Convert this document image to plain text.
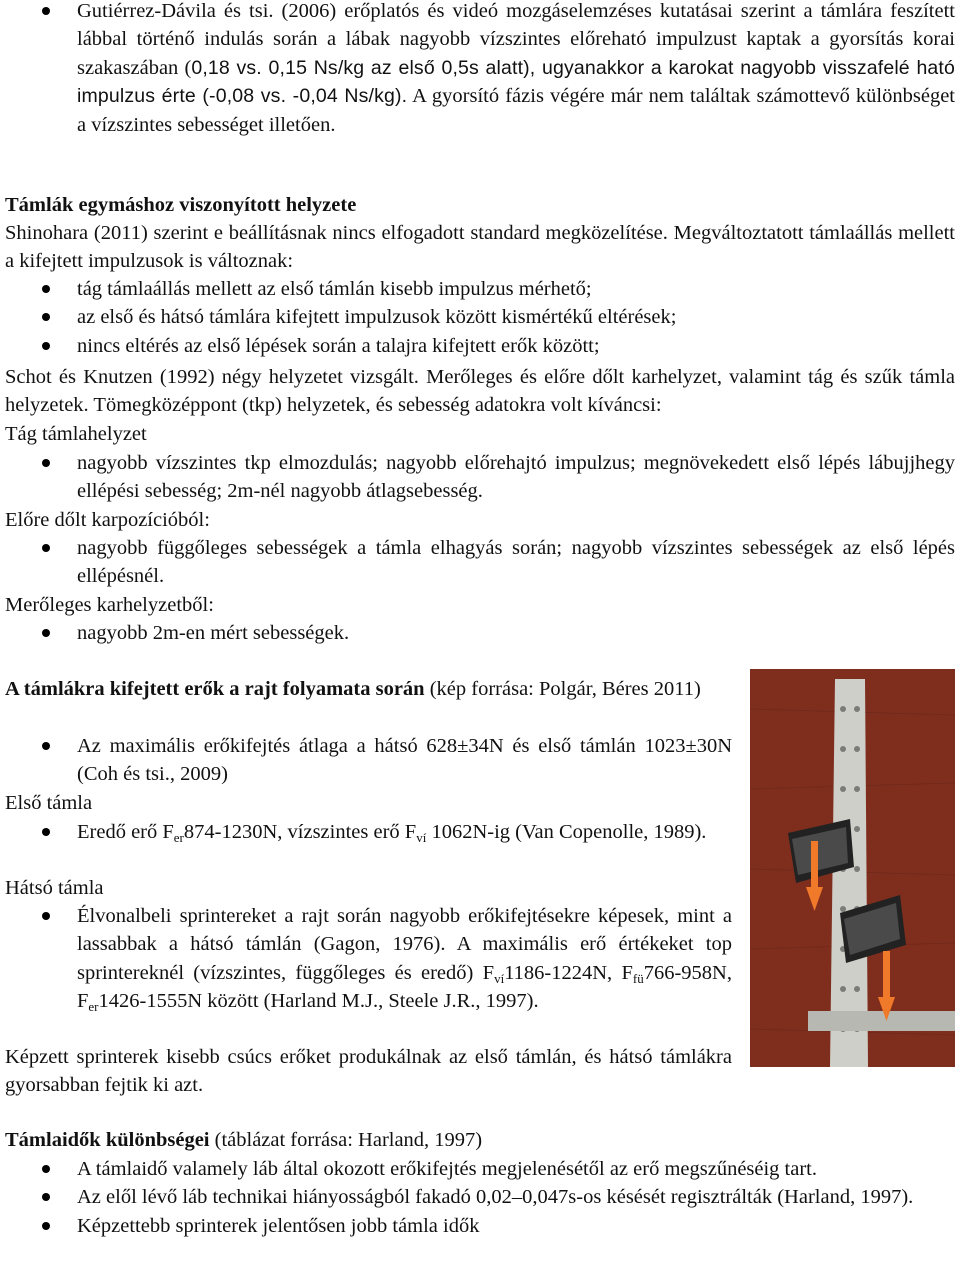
Gutiérrez-Dávila és tsi. (2006) erőplatós és videó mozgáselemzéses kutatásai szerint a támlára feszített lábbal történő indulás során a lábak nagyobb vízszintes előreható impulzust kaptak a gyorsítás korai szakaszában (0,18 vs. 0,15 Ns/kg az első 0,5s alatt), ugyanakkor a karokat nagyobb visszafelé ható impulzus érte (-0,08 vs. -0,04 Ns/kg). A gyorsító fázis végére már nem találtak számottevő különbséget a vízszintes sebességet illetően.

Támlák egymáshoz viszonyított helyzete

Shinohara (2011) szerint e beállításnak nincs elfogadott standard megközelítése. Megváltoztatott támlaállás mellett a kifejtett impulzusok is változnak:

tág támlaállás mellett az első támlán kisebb impulzus mérhető;
az első és hátsó támlára kifejtett impulzusok között kismértékű eltérések;
nincs eltérés az első lépések során a talajra kifejtett erők között;

Schot és Knutzen (1992) négy helyzetet vizsgált. Merőleges és előre dőlt karhelyzet, valamint tág és szűk támla helyzetek. Tömegközéppont (tkp) helyzetek, és sebesség adatokra volt kíváncsi:

Tág támlahelyzet

nagyobb vízszintes tkp elmozdulás; nagyobb előrehajtó impulzus; megnövekedett első lépés lábujjhegy ellépési sebesség; 2m-nél nagyobb átlagsebesség.

Előre dőlt karpozícióból:

nagyobb függőleges sebességek a támla elhagyás során; nagyobb vízszintes sebességek az első lépés ellépésnél.

Merőleges karhelyzetből:

nagyobb 2m-en mért sebességek.

A támlákra kifejtett erők a rajt folyamata során (kép forrása: Polgár, Béres 2011)

Az maximális erőkifejtés átlaga a hátsó 628±34N és első támlán 1023±30N (Coh és tsi., 2009)

Első támla

Eredő erő $F_{er}874-1230N$, vízszintes erő $F_{ví}$ 1062N-ig (Van Copenolle, 1989).

Hátsó támla

Élvonalbeli sprintereket a rajt során nagyobb erőkifejtésekre képesek, mint a lassabbak a hátsó támlán (Gagon, 1976). A maximális erő értékeket top sprintereknél (vízszintes, függőleges és eredő) $F_{ví}1186-1224N$, $F_{fü}766-958N$, $F_{er}1426-1555N$ között (Harland M.J., Steele J.R., 1997).

Képzett sprinterek kisebb csúcs erőket produkálnak az első támlán, és hátsó támlákra gyorsabban fejtik ki azt.

Támlaidők különbségei (táblázat forrása: Harland, 1997)

A támlaidő valamely láb által okozott erőkifejtés megjelenésétől az erő megszűnéséig tart.
Az elől lévő láb technikai hiányosságból fakadó 0,02–0,047s-os késését regisztrálták (Harland, 1997).
Képzettebb sprinterek jelentősen jobb támla idők
